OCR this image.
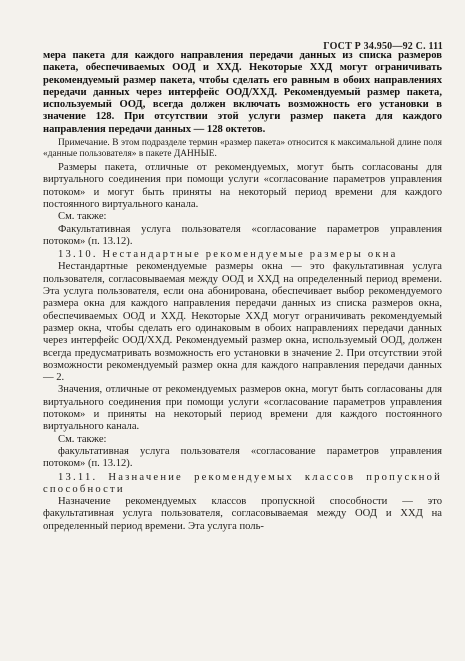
ГОСТ Р 34.950—92 С. 111

мера пакета для каждого направления передачи данных из списка размеров пакета, обеспечиваемых ООД и ХХД. Некоторые ХХД могут ограничивать рекомендуемый размер пакета, чтобы сделать его равным в обоих направлениях передачи данных через интерфейс ООД/ХХД. Рекомендуемый размер пакета, используемый ООД, всегда должен включать возможность его установки в значение 128. При отсутствии этой услуги размер пакета для каждого направления передачи данных — 128 октетов.

Примечание. В этом подразделе термин «размер пакета» относится к максимальной длине поля «данные пользователя» в пакете ДАННЫЕ.

Размеры пакета, отличные от рекомендуемых, могут быть согласованы для виртуального соединения при помощи услуги «согласование параметров управления потоком» и могут быть приняты на некоторый период времени для каждого постоянного виртуального канала.

См. также:

Факультативная услуга пользователя «согласование параметров управления потоком» (п. 13.12).

13.10. Нестандартные рекомендуемые размеры окна

Нестандартные рекомендуемые размеры окна — это факультативная услуга пользователя, согласовываемая между ООД и ХХД на определенный период времени. Эта услуга пользователя, если она абонирована, обеспечивает выбор рекомендуемого размера окна для каждого направления передачи данных из списка размеров окна, обеспечиваемых ООД и ХХД. Некоторые ХХД могут ограничивать рекомендуемый размер окна, чтобы сделать его одинаковым в обоих направлениях передачи данных через интерфейс ООД/ХХД. Рекомендуемый размер окна, используемый ООД, должен всегда предусматривать возможность его установки в значение 2. При отсутствии этой возможности рекомендуемый размер окна для каждого направления передачи данных — 2.

Значения, отличные от рекомендуемых размеров окна, могут быть согласованы для виртуального соединения при помощи услуги «согласование параметров управления потоком» и приняты на некоторый период времени для каждого постоянного виртуального канала.

См. также:

факультативная услуга пользователя «согласование параметров управления потоком» (п. 13.12).

13.11. Назначение рекомендуемых классов пропускной способности

Назначение рекомендуемых классов пропускной способности — это факультативная услуга пользователя, согласовываемая между ООД и ХХД на определенный период времени. Эта услуга поль-
